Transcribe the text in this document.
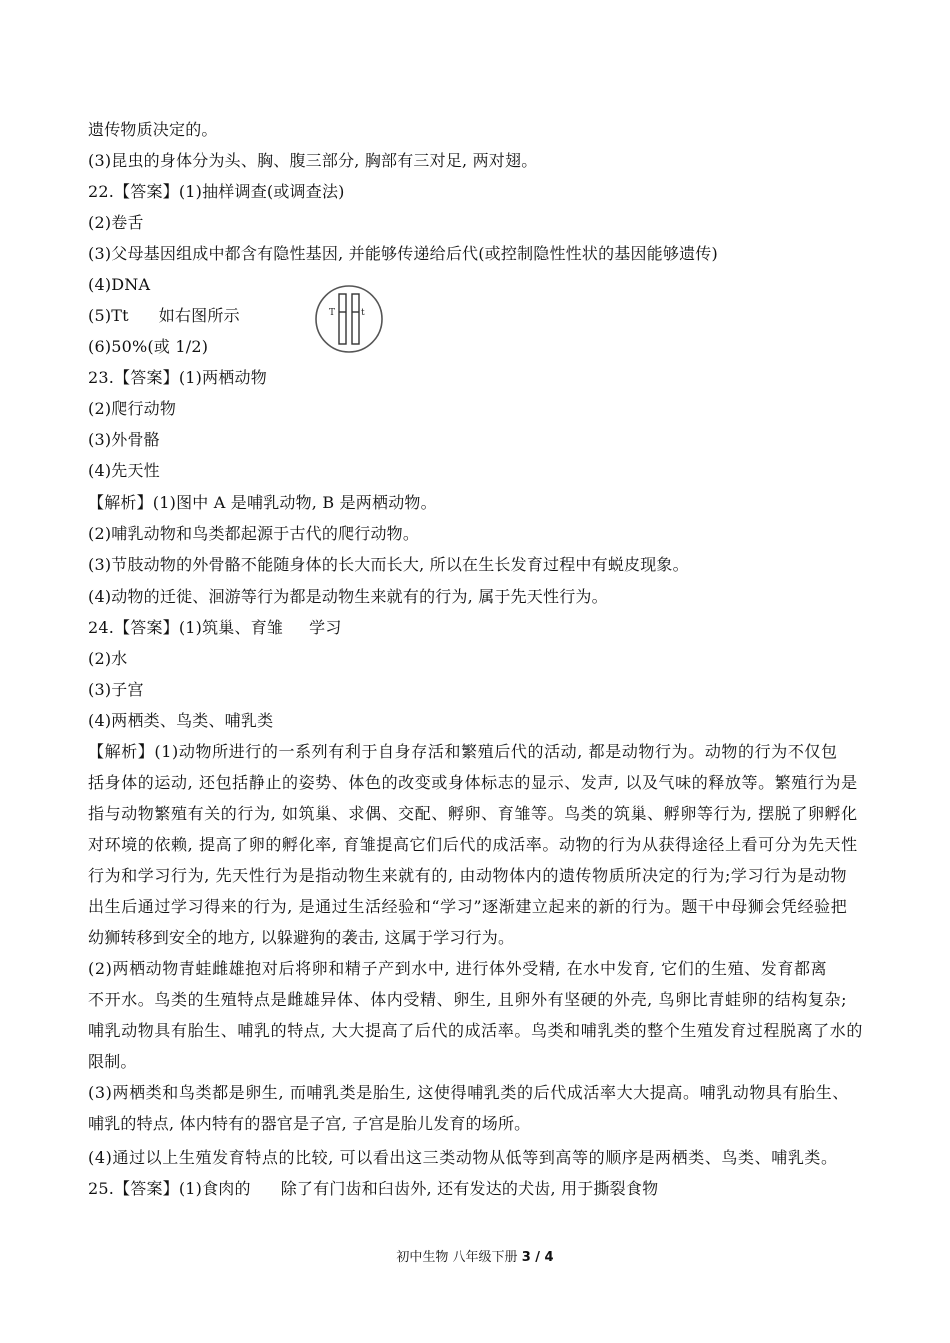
遗传物质决定的。
(3)昆虫的身体分为头、胸、腹三部分, 胸部有三对足, 两对翅。
22.【答案】(1)抽样调查(或调查法)
(2)卷舌
(3)父母基因组成中都含有隐性基因, 并能够传递给后代(或控制隐性性状的基因能够遗传)
(4)DNA
(5)Tt 如右图所示	T	t
(6)50%(或 1/2)
23.【答案】(1)两栖动物
(2)爬行动物
(3)外骨骼
(4)先天性
【解析】(1)图中 A 是哺乳动物, B 是两栖动物。
(2)哺乳动物和鸟类都起源于古代的爬行动物。
(3)节肢动物的外骨骼不能随身体的长大而长大, 所以在生长发育过程中有蜕皮现象。
(4)动物的迁徙、洄游等行为都是动物生来就有的行为, 属于先天性行为。
24.【答案】(1)筑巢、育雏 学习
(2)水
(3)子宫
(4)两栖类、鸟类、哺乳类
【解析】(1)动物所进行的一系列有利于自身存活和繁殖后代的活动, 都是动物行为。动物的行为不仅包
括身体的运动, 还包括静止的姿势、体色的改变或身体标志的显示、发声, 以及气味的释放等。繁殖行为是
指与动物繁殖有关的行为, 如筑巢、求偶、交配、孵卵、育雏等。鸟类的筑巢、孵卵等行为, 摆脱了卵孵化
对环境的依赖, 提高了卵的孵化率, 育雏提高它们后代的成活率。动物的行为从获得途径上看可分为先天性
行为和学习行为, 先天性行为是指动物生来就有的, 由动物体内的遗传物质所决定的行为;学习行为是动物
出生后通过学习得来的行为, 是通过生活经验和“学习”逐渐建立起来的新的行为。题干中母狮会凭经验把
幼狮转移到安全的地方, 以躲避狗的袭击, 这属于学习行为。
(2)两栖动物青蛙雌雄抱对后将卵和精子产到水中, 进行体外受精, 在水中发育, 它们的生殖、发育都离
不开水。鸟类的生殖特点是雌雄异体、体内受精、卵生, 且卵外有坚硬的外壳, 鸟卵比青蛙卵的结构复杂;
哺乳动物具有胎生、哺乳的特点, 大大提高了后代的成活率。鸟类和哺乳类的整个生殖发育过程脱离了水的
限制。
(3)两栖类和鸟类都是卵生, 而哺乳类是胎生, 这使得哺乳类的后代成活率大大提高。哺乳动物具有胎生、
哺乳的特点, 体内特有的器官是子宫, 子宫是胎儿发育的场所。
(4)通过以上生殖发育特点的比较, 可以看出这三类动物从低等到高等的顺序是两栖类、鸟类、哺乳类。
25.【答案】(1)食肉的 除了有门齿和臼齿外, 还有发达的犬齿, 用于撕裂食物
初中生物 八年级下册 3 / 4
